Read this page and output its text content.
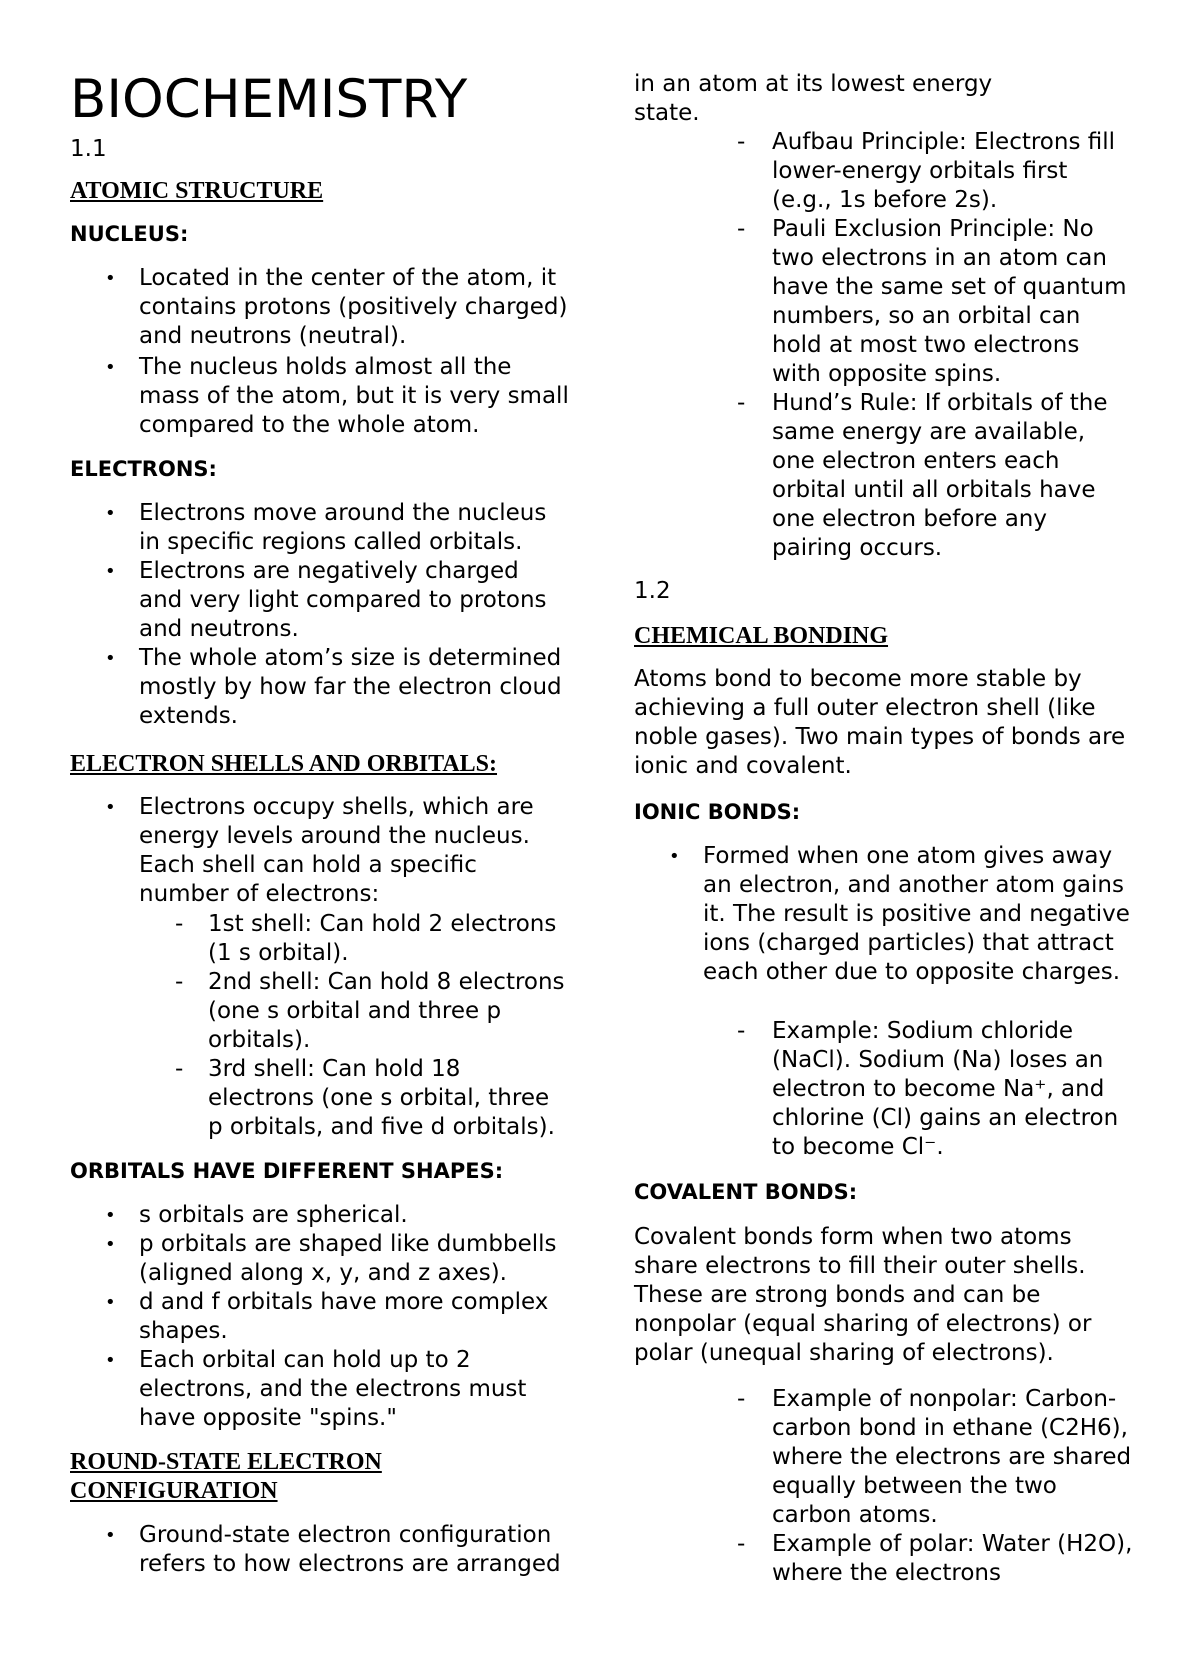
BIOCHEMISTRY

1.1

ATOMIC STRUCTURE

NUCLEUS:

• Located in the center of the atom, it contains protons (positively charged) and neutrons (neutral).
• The nucleus holds almost all the mass of the atom, but it is very small compared to the whole atom.

ELECTRONS:

• Electrons move around the nucleus in specific regions called orbitals.
• Electrons are negatively charged and very light compared to protons and neutrons.
• The whole atom’s size is determined mostly by how far the electron cloud extends.

ELECTRON SHELLS AND ORBITALS:

• Electrons occupy shells, which are energy levels around the nucleus. Each shell can hold a specific number of electrons:
- 1st shell: Can hold 2 electrons (1 s orbital).
- 2nd shell: Can hold 8 electrons (one s orbital and three p orbitals).
- 3rd shell: Can hold 18 electrons (one s orbital, three p orbitals, and five d orbitals).

ORBITALS HAVE DIFFERENT SHAPES:

• s orbitals are spherical.
• p orbitals are shaped like dumbbells (aligned along x, y, and z axes).
• d and f orbitals have more complex shapes.
• Each orbital can hold up to 2 electrons, and the electrons must have opposite "spins."

ROUND-STATE ELECTRON

CONFIGURATION

• Ground-state electron configuration refers to how electrons are arranged
in an atom at its lowest energy state.
- Aufbau Principle: Electrons fill lower-energy orbitals first (e.g., 1s before 2s).
- Pauli Exclusion Principle: No two electrons in an atom can have the same set of quantum numbers, so an orbital can hold at most two electrons with opposite spins.
- Hund’s Rule: If orbitals of the same energy are available, one electron enters each orbital until all orbitals have one electron before any pairing occurs.

1.2

CHEMICAL BONDING

Atoms bond to become more stable by achieving a full outer electron shell (like noble gases). Two main types of bonds are ionic and covalent.

IONIC BONDS:

• Formed when one atom gives away an electron, and another atom gains it. The result is positive and negative ions (charged particles) that attract each other due to opposite charges.
- Example: Sodium chloride (NaCl). Sodium (Na) loses an electron to become Na⁺, and chlorine (Cl) gains an electron to become Cl⁻.

COVALENT BONDS:

Covalent bonds form when two atoms share electrons to fill their outer shells. These are strong bonds and can be nonpolar (equal sharing of electrons) or polar (unequal sharing of electrons).

- Example of nonpolar: Carbon-carbon bond in ethane (C2H6), where the electrons are shared equally between the two carbon atoms.
- Example of polar: Water (H2O), where the electrons
